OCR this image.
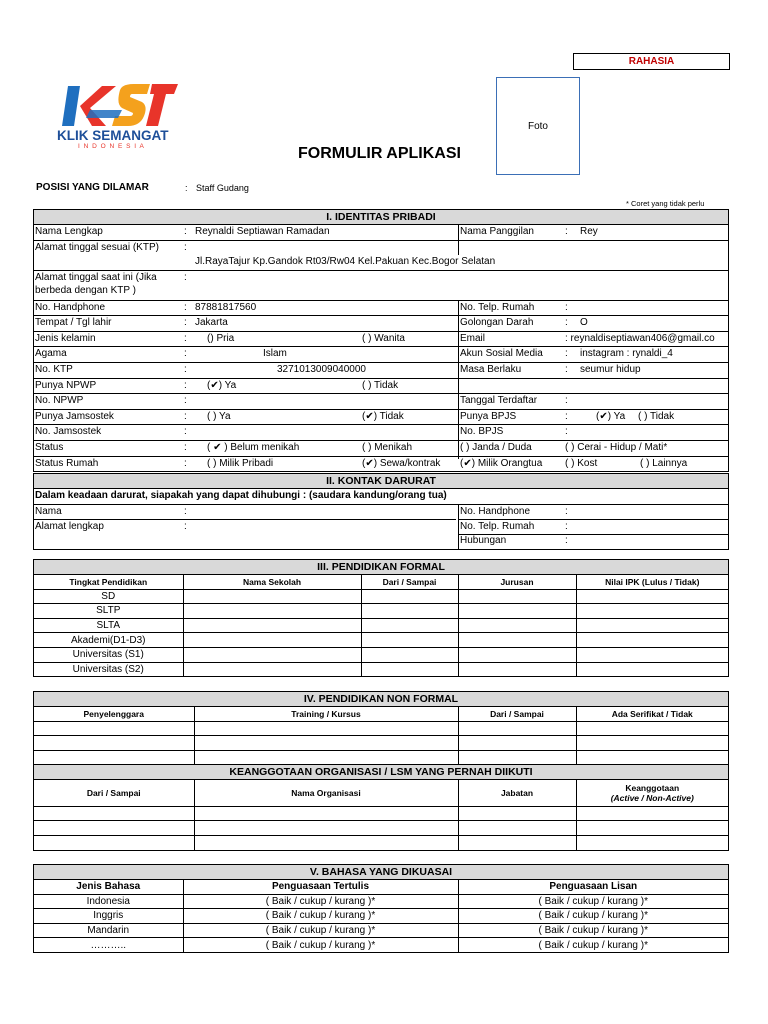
RAHASIA
Foto
KLIK SEMANGAT
I N D O N E S I A	FORMULIR APLIKASI
POSISI YANG DILAMAR	: Staff Gudang
* Coret yang tidak perlu
I. IDENTITAS PRIBADI
Nama Lengkap	: Reynaldi Septiawan Ramadan	Nama Panggilan	: Rey
Alamat tinggal sesuai (KTP)	:
Jl.RayaTajur Kp.Gandok Rt03/Rw04 Kel.Pakuan Kec.Bogor Selatan
Alamat tinggal saat ini (Jika
berbeda dengan KTP )
:
No. Handphone	: 87881817560	No. Telp. Rumah	:
Tempat / Tgl lahir	: Jakarta	Golongan Darah	: O
Jenis kelamin	: () Pria	( ) Wanita	Email	: reynaldiseptiawan406@gmail.co
Agama	:	Islam	Akun Sosial Media : instagram : rynaldi_4
No. KTP	:	3271013009040000	Masa Berlaku	: seumur hidup
Punya NPWP	: (✔) Ya	( ) Tidak
No. NPWP	:	Tanggal Terdaftar	:
Punya Jamsostek	: ( ) Ya	(✔) Tidak	Punya BPJS	:	(✔) Ya ( ) Tidak
No. Jamsostek	:	No. BPJS	:
Status	: ( ✔ ) Belum menikah	( ) Menikah	( ) Janda / Duda	( ) Cerai - Hidup / Mati*
Status Rumah	: ( ) Milik Pribadi	(✔) Sewa/kontrak (✔) Milik Orangtua ( ) Kost	( ) Lainnya
II. KONTAK DARURAT
Dalam keadaan darurat, siapakah yang dapat dihubungi : (saudara kandung/orang tua)
Nama	:
Alamat lengkap	:
No. Handphone	:
No. Telp. Rumah	:
Hubungan	:
III. PENDIDIKAN FORMAL
Tingkat Pendidikan	Nama Sekolah	Dari / Sampai	Jurusan	Nilai IPK (Lulus / Tidak)
SD				
SLTP				
SLTA				
Akademi(D1-D3)				
Universitas (S1)				
Universitas (S2)				
IV. PENDIDIKAN NON FORMAL
Penyelenggara	Training / Kursus	Dari / Sampai	Ada Serifikat / Tidak

KEANGGOTAAN ORGANISASI / LSM YANG PERNAH DIIKUTI
Dari / Sampai	Nama Organisasi	Jabatan	Keanggotaan
(Active / Non-Active)

V. BAHASA YANG DIKUASAI
Jenis Bahasa	Penguasaan Tertulis	Penguasaan Lisan
Indonesia	( Baik / cukup / kurang )*	( Baik / cukup / kurang )*
Inggris	( Baik / cukup / kurang )*	( Baik / cukup / kurang )*
Mandarin	( Baik / cukup / kurang )*	( Baik / cukup / kurang )*
………..	( Baik / cukup / kurang )*	( Baik / cukup / kurang )*
